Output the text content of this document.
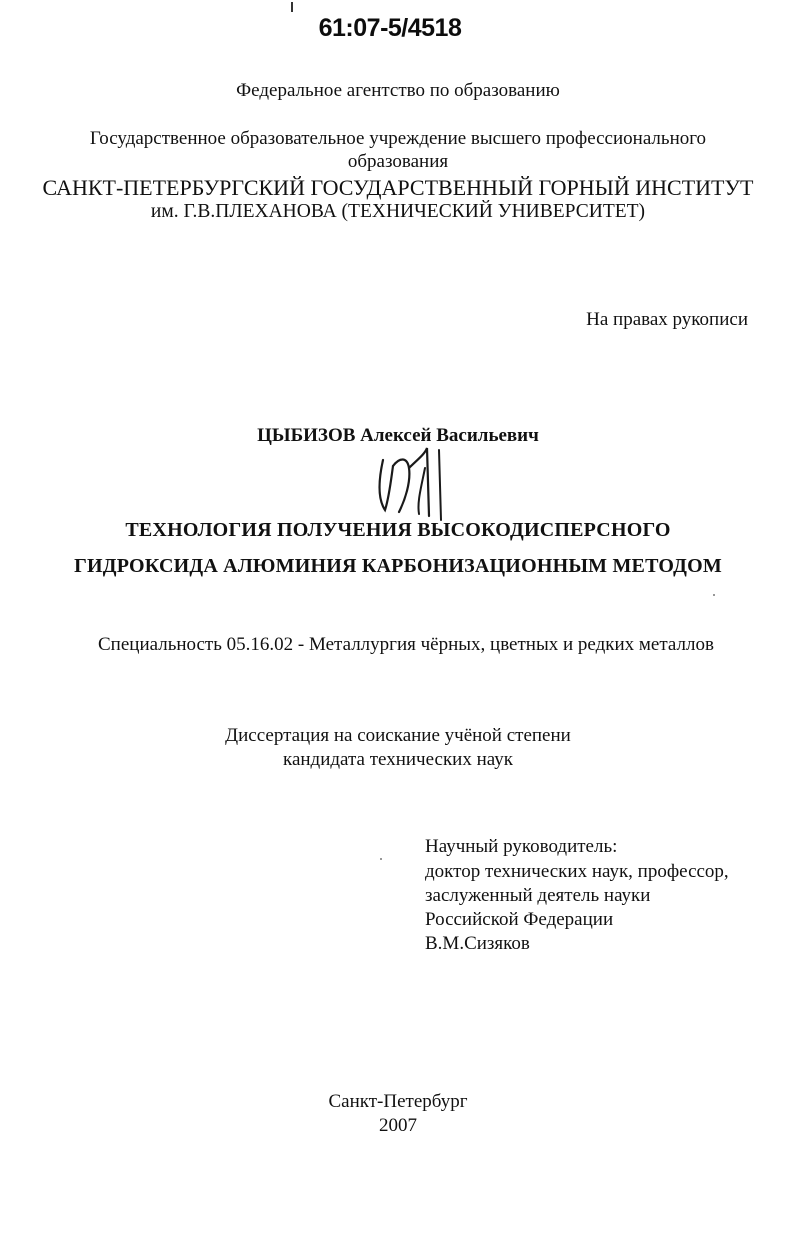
61:07-5/4518
Федеральное агентство по образованию
Государственное образовательное учреждение высшего профессионального
образования
САНКТ-ПЕТЕРБУРГСКИЙ ГОСУДАРСТВЕННЫЙ ГОРНЫЙ ИНСТИТУТ
им. Г.В.ПЛЕХАНОВА (ТЕХНИЧЕСКИЙ УНИВЕРСИТЕТ)
На правах рукописи
ЦЫБИЗОВ Алексей Васильевич
ТЕХНОЛОГИЯ ПОЛУЧЕНИЯ ВЫСОКОДИСПЕРСНОГО
ГИДРОКСИДА АЛЮМИНИЯ КАРБОНИЗАЦИОННЫМ МЕТОДОМ
Специальность 05.16.02 - Металлургия чёрных, цветных и редких металлов
Диссертация на соискание учёной степени
кандидата технических наук
Научный руководитель:
доктор технических наук, профессор,
заслуженный деятель науки
Российской Федерации
В.М.Сизяков
Санкт-Петербург
2007
